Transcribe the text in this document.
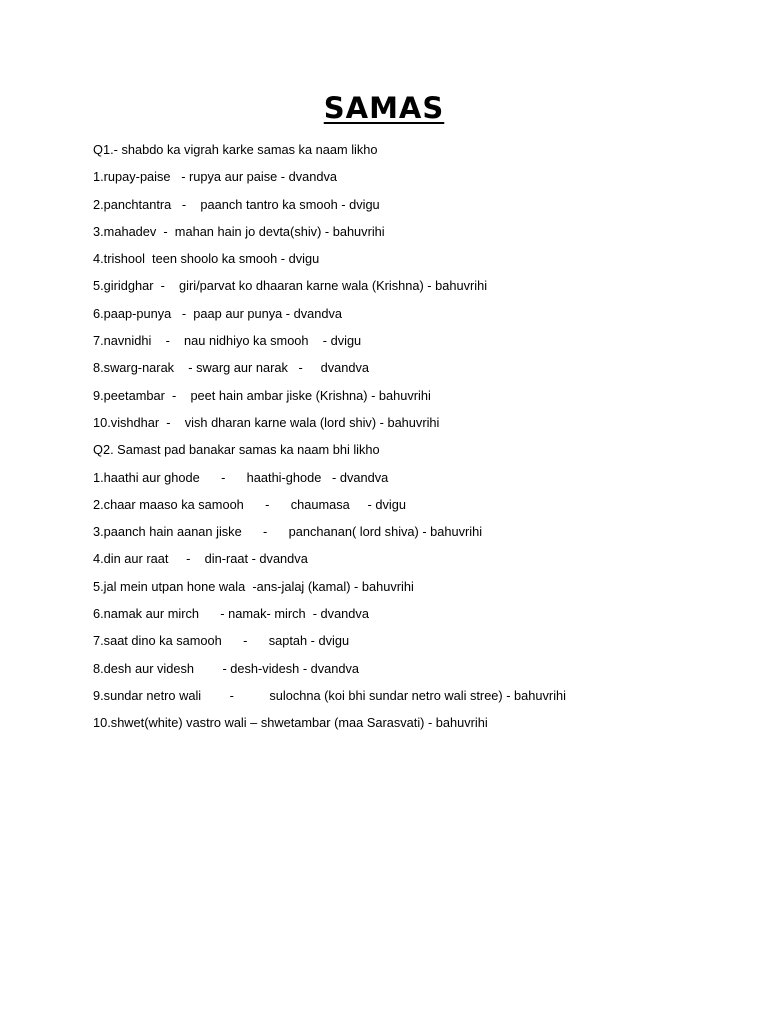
SAMAS
Q1.- shabdo ka vigrah karke samas ka naam likho
1.rupay-paise   - rupya aur paise - dvandva
2.panchtantra   -    paanch tantro ka smooh - dvigu
3.mahadev  -  mahan hain jo devta(shiv) - bahuvrihi
4.trishool  teen shoolo ka smooh - dvigu
5.giridghar  -    giri/parvat ko dhaaran karne wala (Krishna) - bahuvrihi
6.paap-punya   -  paap aur punya - dvandva
7.navnidhi    -    nau nidhiyo ka smooh    - dvigu
8.swarg-narak    - swarg aur narak   -     dvandva
9.peetambar  -    peet hain ambar jiske (Krishna) - bahuvrihi
10.vishdhar  -    vish dharan karne wala (lord shiv) - bahuvrihi
Q2. Samast pad banakar samas ka naam bhi likho
1.haathi aur ghode      -      haathi-ghode   - dvandva
2.chaar maaso ka samooh      -      chaumasa     - dvigu
3.paanch hain aanan jiske      -      panchanan( lord shiva) - bahuvrihi
4.din aur raat     -    din-raat - dvandva
5.jal mein utpan hone wala  -ans-jalaj (kamal) - bahuvrihi
6.namak aur mirch      - namak- mirch  - dvandva
7.saat dino ka samooh      -      saptah - dvigu
8.desh aur videsh        - desh-videsh - dvandva
9.sundar netro wali        -          sulochna (koi bhi sundar netro wali stree) - bahuvrihi
10.shwet(white) vastro wali – shwetambar (maa Sarasvati) - bahuvrihi
